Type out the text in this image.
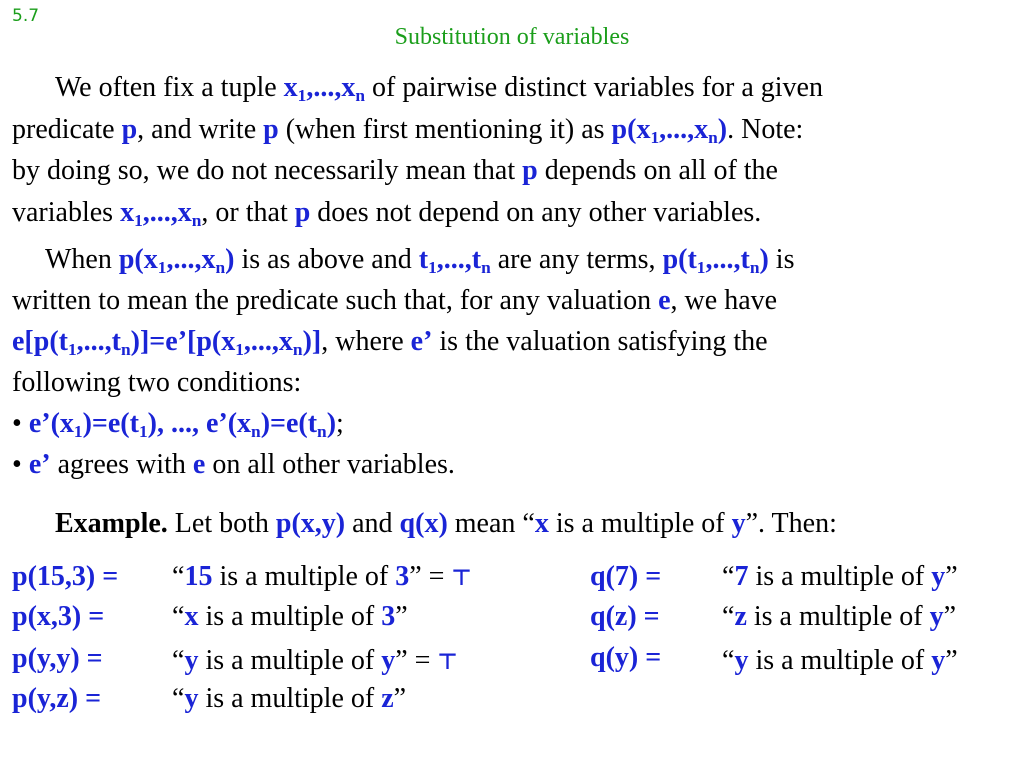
5.7
Substitution of variables
We often fix a tuple $x_1,...,x_n$ of pairwise distinct variables for a given
predicate p, and write p (when first mentioning it) as $p(x_1,...,x_n)$. Note:
by doing so, we do not necessarily mean that p depends on all of the
variables $x_1,...,x_n$, or that p does not depend on any other variables.
When $p(x_1,...,x_n)$ is as above and $t_1,...,t_n$ are any terms, $p(t_1,...,t_n)$ is
written to mean the predicate such that, for any valuation e, we have
$e[p(t_1,...,t_n)]=e’[p(x_1,...,x_n)]$, where e’ is the valuation satisfying the
following two conditions:
• $e’(x_1)=e(t_1)$, ..., $e’(x_n)=e(t_n)$;
• e’ agrees with e on all other variables.
Example. Let both p(x,y) and q(x) mean “x is a multiple of y”. Then:
p(15,3) = “15 is a multiple of 3” = ⊤
p(x,3) = “x is a multiple of 3”
p(y,y) = “y is a multiple of y” = ⊤
p(y,z) =	“y is a multiple of z”
q(7) = “7 is a multiple of y”
q(z) = “z is a multiple of y”
q(y) = “y is a multiple of y”
